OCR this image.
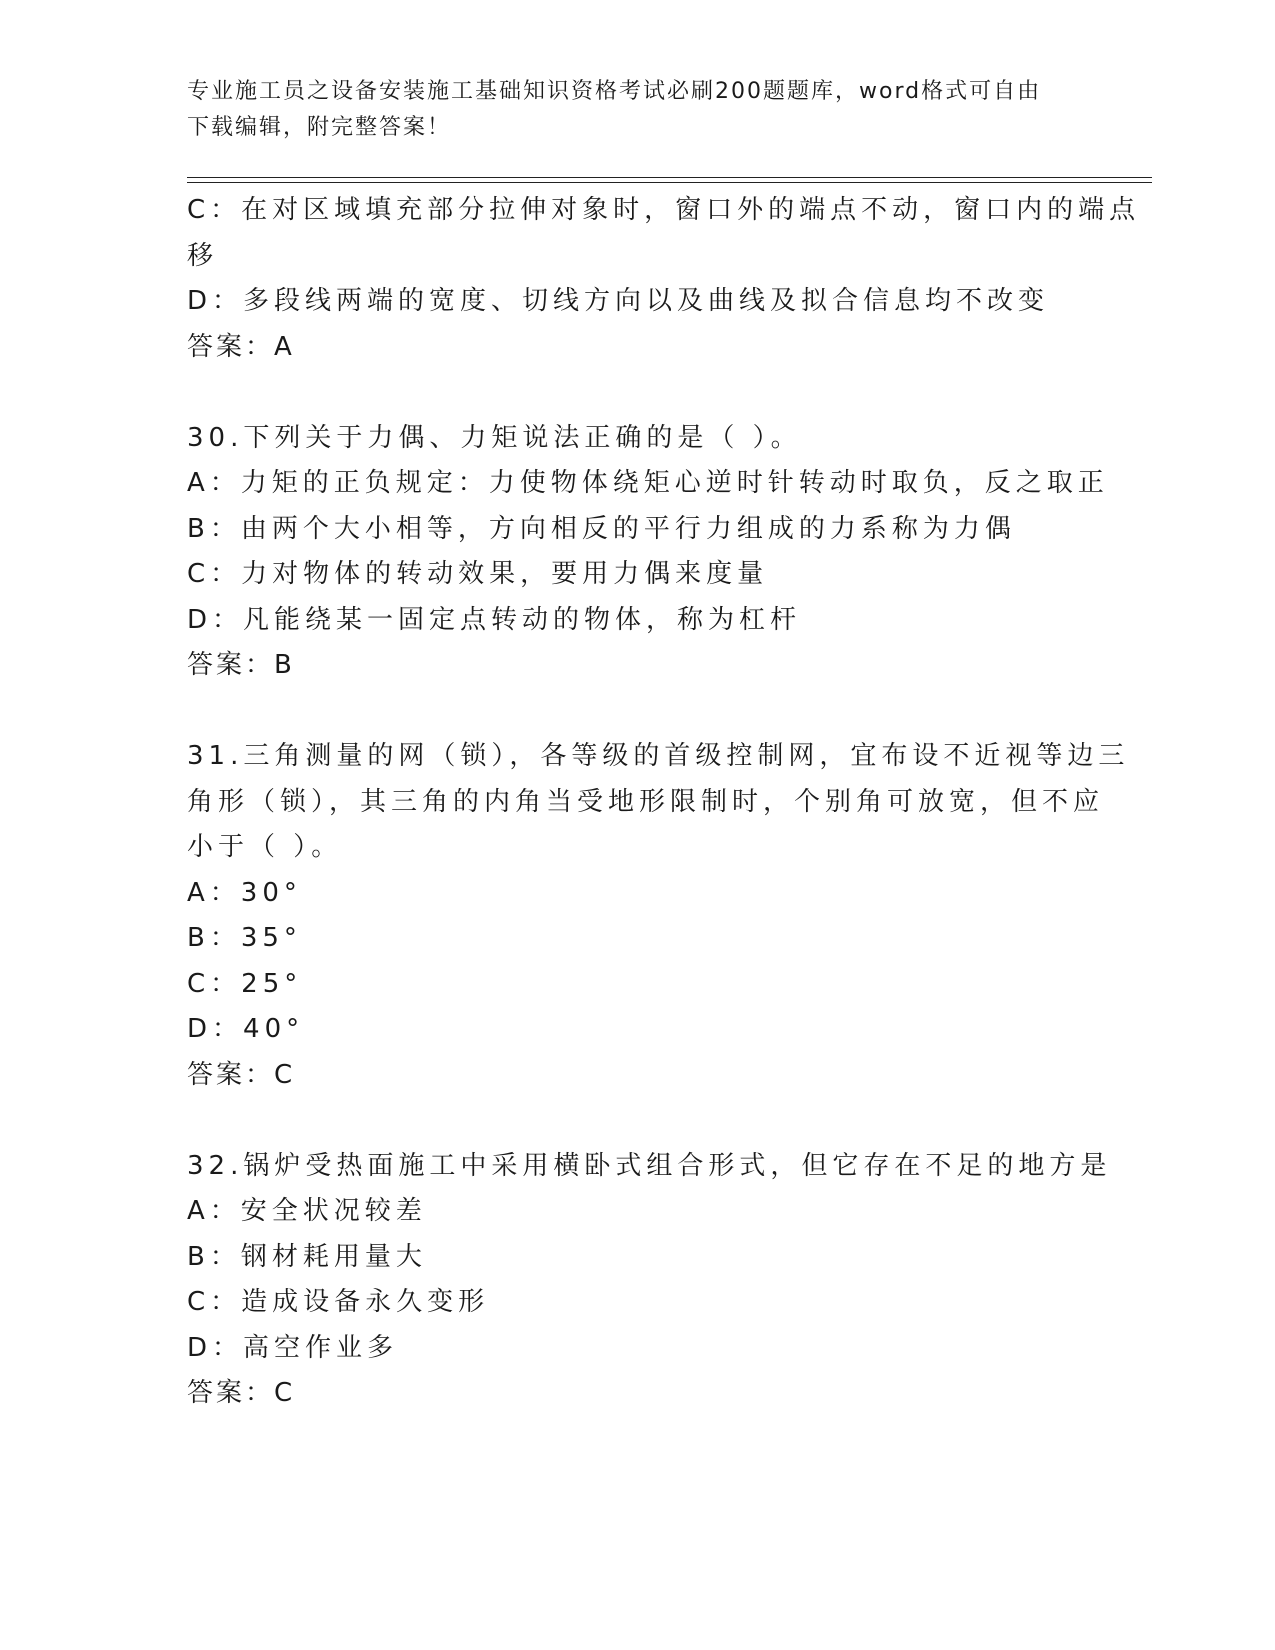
专业施工员之设备安装施工基础知识资格考试必刷200题题库，word格式可自由
下载编辑，附完整答案！
C：在对区域填充部分拉伸对象时，窗口外的端点不动，窗口内的端点
移
D：多段线两端的宽度、切线方向以及曲线及拟合信息均不改变
答案：A
30.下列关于力偶、力矩说法正确的是（ ）。
A：力矩的正负规定：力使物体绕矩心逆时针转动时取负，反之取正
B：由两个大小相等，方向相反的平行力组成的力系称为力偶
C：力对物体的转动效果，要用力偶来度量
D：凡能绕某一固定点转动的物体，称为杠杆
答案：B
31.三角测量的网（锁），各等级的首级控制网，宜布设不近视等边三
角形（锁），其三角的内角当受地形限制时，个别角可放宽，但不应
小于（ ）。
A：30°
B：35°
C：25°
D：40°
答案：C
32.锅炉受热面施工中采用横卧式组合形式，但它存在不足的地方是
A：安全状况较差
B：钢材耗用量大
C：造成设备永久变形
D：高空作业多
答案：C
